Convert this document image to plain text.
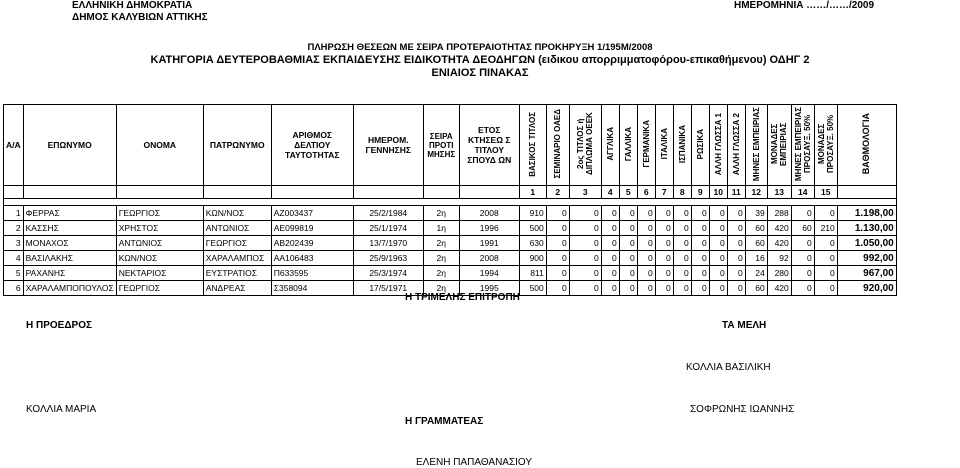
ΕΛΛΗΝΙΚΗ ΔΗΜΟΚΡΑΤΙΑ
ΔΗΜΟΣ ΚΑΛΥΒΙΩΝ ΑΤΤΙΚΗΣ
ΗΜΕΡΟΜΗΝΙΑ ……/……/2009
ΠΛΗΡΩΣΗ ΘΕΣΕΩΝ ΜΕ ΣΕΙΡΑ ΠΡΟΤΕΡΑΙΟΤΗΤΑΣ ΠΡΟΚΗΡΥΞΗ 1/195Μ/2008
ΚΑΤΗΓΟΡΙΑ ΔΕΥΤΕΡΟΒΑΘΜΙΑΣ ΕΚΠΑΙΔΕΥΣΗΣ ΕΙΔΙΚΟΤΗΤΑ ΔΕΟΔΗΓΩΝ (ειδικου απορριμματοφόρου-επικαθήμενου) ΟΔΗΓ 2
ΕΝΙΑΙΟΣ ΠΙΝΑΚΑΣ
Α/Α	ΕΠΩΝΥΜΟ	ΟΝΟΜΑ	ΠΑΤΡΩΝΥΜΟ	ΑΡΙΘΜΟΣ ΔΕΛΤΙΟΥ ΤΑΥΤΟΤΗΤΑΣ	ΗΜΕΡΟΜ. ΓΕΝΝΗΣΗΣ	ΣΕΙΡΑ ΠΡΟΤΙ ΜΗΣΗΣ	ΕΤΟΣ ΚΤΗΣΕΩ Σ ΤΙΤΛΟΥ ΣΠΟΥΔ ΩΝ	ΒΑΣΙΚΟΣ ΤΙΤΛΟΣ	ΣΕΜΙΝΑΡΙΟ ΟΑΕΔ	2ος ΤΙΤΛΟΣ ή ΔΙΠΛΩΜΑ ΟΕΕΚ	ΑΓΓΛΙΚΑ	ΓΑΛΛΙΚΑ	ΓΕΡΜΑΝΙΚΑ	ΙΤΑΛΙΚΑ	ΙΣΠΑΝΙΚΑ	ΡΩΣΙΚΑ	ΑΛΛΗ ΓΛΩΣΣΑ 1	ΑΛΛΗ ΓΛΩΣΣΑ 2	ΜΗΝΕΣ ΕΜΠΕΙΡΙΑΣ	ΜΟΝΑΔΕΣ ΕΜΠΕΙΡΙΑΣ	ΜΗΝΕΣ ΕΜΠΕΙΡΙΑΣ ΠΡΟΣΑΥΞ. 50%	ΜΟΝΑΔΕΣ ΠΡΟΣΑΥΞ. 50%	ΒΑΘΜΟΛΟΓΙΑ
								1	2	3	4	5	6	7	8	9	10	11	12	13	14	15	

1	ΦΕΡΡΑΣ	ΓΕΩΡΓΙΟΣ	ΚΩΝ/ΝΟΣ	ΑΖ003437	25/2/1984	2η	2008	910	0	0	0	0	0	0	0	0	0	0	39	288	0	0	1.198,00
2	ΚΑΣΣΗΣ	ΧΡΗΣΤΟΣ	ΑΝΤΩΝΙΟΣ	ΑΕ099819	25/1/1974	1η	1996	500	0	0	0	0	0	0	0	0	0	0	60	420	60	210	1.130,00
3	ΜΟΝΑΧΟΣ	ΑΝΤΩΝΙΟΣ	ΓΕΩΡΓΙΟΣ	ΑΒ202439	13/7/1970	2η	1991	630	0	0	0	0	0	0	0	0	0	0	60	420	0	0	1.050,00
4	ΒΑΣΙΛΑΚΗΣ	ΚΩΝ/ΝΟΣ	ΧΑΡΑΛΑΜΠΟΣ	ΑΑ106483	25/9/1963	2η	2008	900	0	0	0	0	0	0	0	0	0	0	16	92	0	0	992,00
5	ΡΑΧΑΝΗΣ	ΝΕΚΤΑΡΙΟΣ	ΕΥΣΤΡΑΤΙΟΣ	Π633595	25/3/1974	2η	1994	811	0	0	0	0	0	0	0	0	0	0	24	280	0	0	967,00
6	ΧΑΡΑΛΑΜΠΟΠΟΥΛΟΣ	ΓΕΩΡΓΙΟΣ	ΑΝΔΡΕΑΣ	Σ358094	17/5/1971	2η	1995	500	0	0	0	0	0	0	0	0	0	0	60	420	0	0	920,00
Η ΤΡΙΜΕΛΗΣ ΕΠΙΤΡΟΠΗ
Η ΠΡΟΕΔΡΟΣ	ΤΑ ΜΕΛΗ
ΚΟΛΛΙΑ ΒΑΣΙΛΙΚΗ
ΚΟΛΛΙΑ ΜΑΡΙΑ	ΣΟΦΡΩΝΗΣ ΙΩΑΝΝΗΣ
Η ΓΡΑΜΜΑΤΕΑΣ
ΕΛΕΝΗ ΠΑΠΑΘΑΝΑΣΙΟΥ
